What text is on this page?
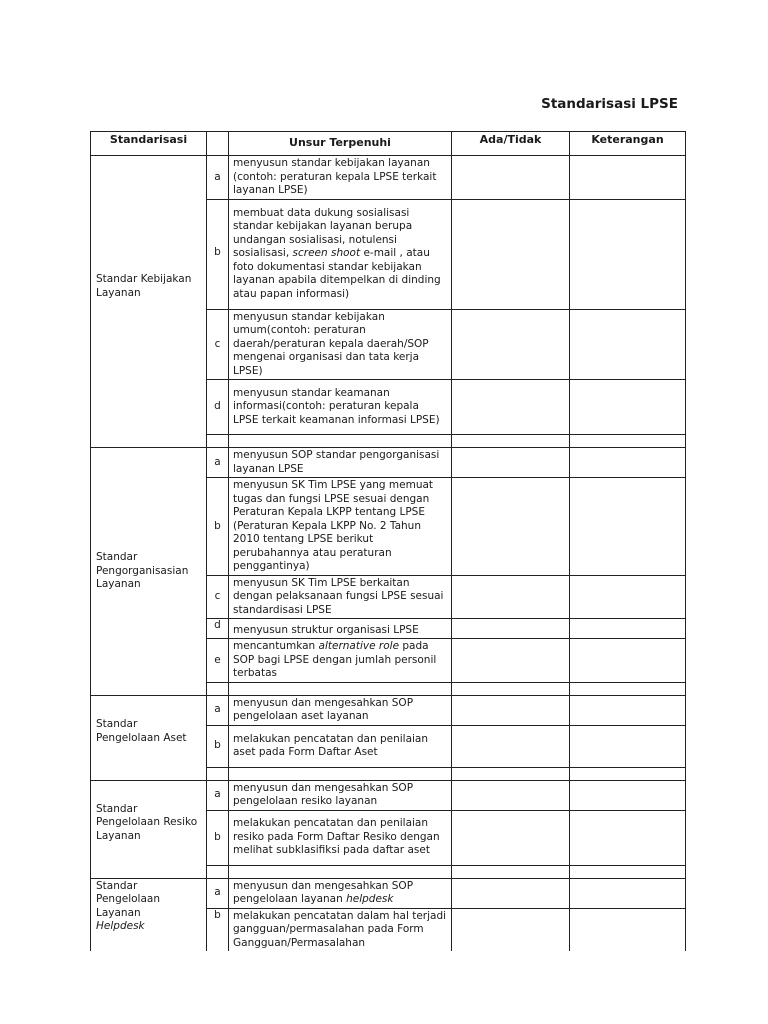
Standarisasi LPSE
Standarisasi		Unsur Terpenuhi	Ada/Tidak	Keterangan
Standar Kebijakan Layanan	a	menyusun standar kebijakan layanan (contoh: peraturan kepala LPSE terkait layanan LPSE)		
	b	membuat data dukung sosialisasi standar kebijakan layanan berupa undangan sosialisasi, notulensi sosialisasi, screen shoot e-mail , atau foto dokumentasi standar kebijakan layanan apabila ditempelkan di dinding atau papan informasi)		
	c	menyusun standar kebijakan umum(contoh: peraturan daerah/peraturan kepala daerah/SOP mengenai organisasi dan tata kerja LPSE)		
	d	menyusun standar keamanan informasi(contoh: peraturan kepala LPSE terkait keamanan informasi LPSE)		

Standar Pengorganisasian Layanan	a	menyusun SOP standar pengorganisasi layanan LPSE		
	b	menyusun SK Tim LPSE yang memuat tugas dan fungsi LPSE sesuai dengan Peraturan Kepala LKPP tentang LPSE (Peraturan Kepala LKPP No. 2 Tahun 2010 tentang LPSE berikut perubahannya atau peraturan penggantinya)		
	c	menyusun SK Tim LPSE berkaitan dengan pelaksanaan fungsi LPSE sesuai standardisasi LPSE		
	d	menyusun struktur organisasi LPSE		
	e	mencantumkan alternative role pada SOP bagi LPSE dengan jumlah personil terbatas		

Standar Pengelolaan Aset	a	menyusun dan mengesahkan SOP pengelolaan aset layanan		
	b	melakukan pencatatan dan penilaian aset pada Form Daftar Aset		

Standar Pengelolaan Resiko Layanan	a	menyusun dan mengesahkan SOP pengelolaan resiko layanan		
	b	melakukan pencatatan dan penilaian resiko pada Form Daftar Resiko dengan melihat subklasifiksi pada daftar aset		

Standar Pengelolaan Layanan
Helpdesk	a	menyusun dan mengesahkan SOP pengelolaan layanan helpdesk		
	b	melakukan pencatatan dalam hal terjadi gangguan/permasalahan pada Form Gangguan/Permasalahan		
